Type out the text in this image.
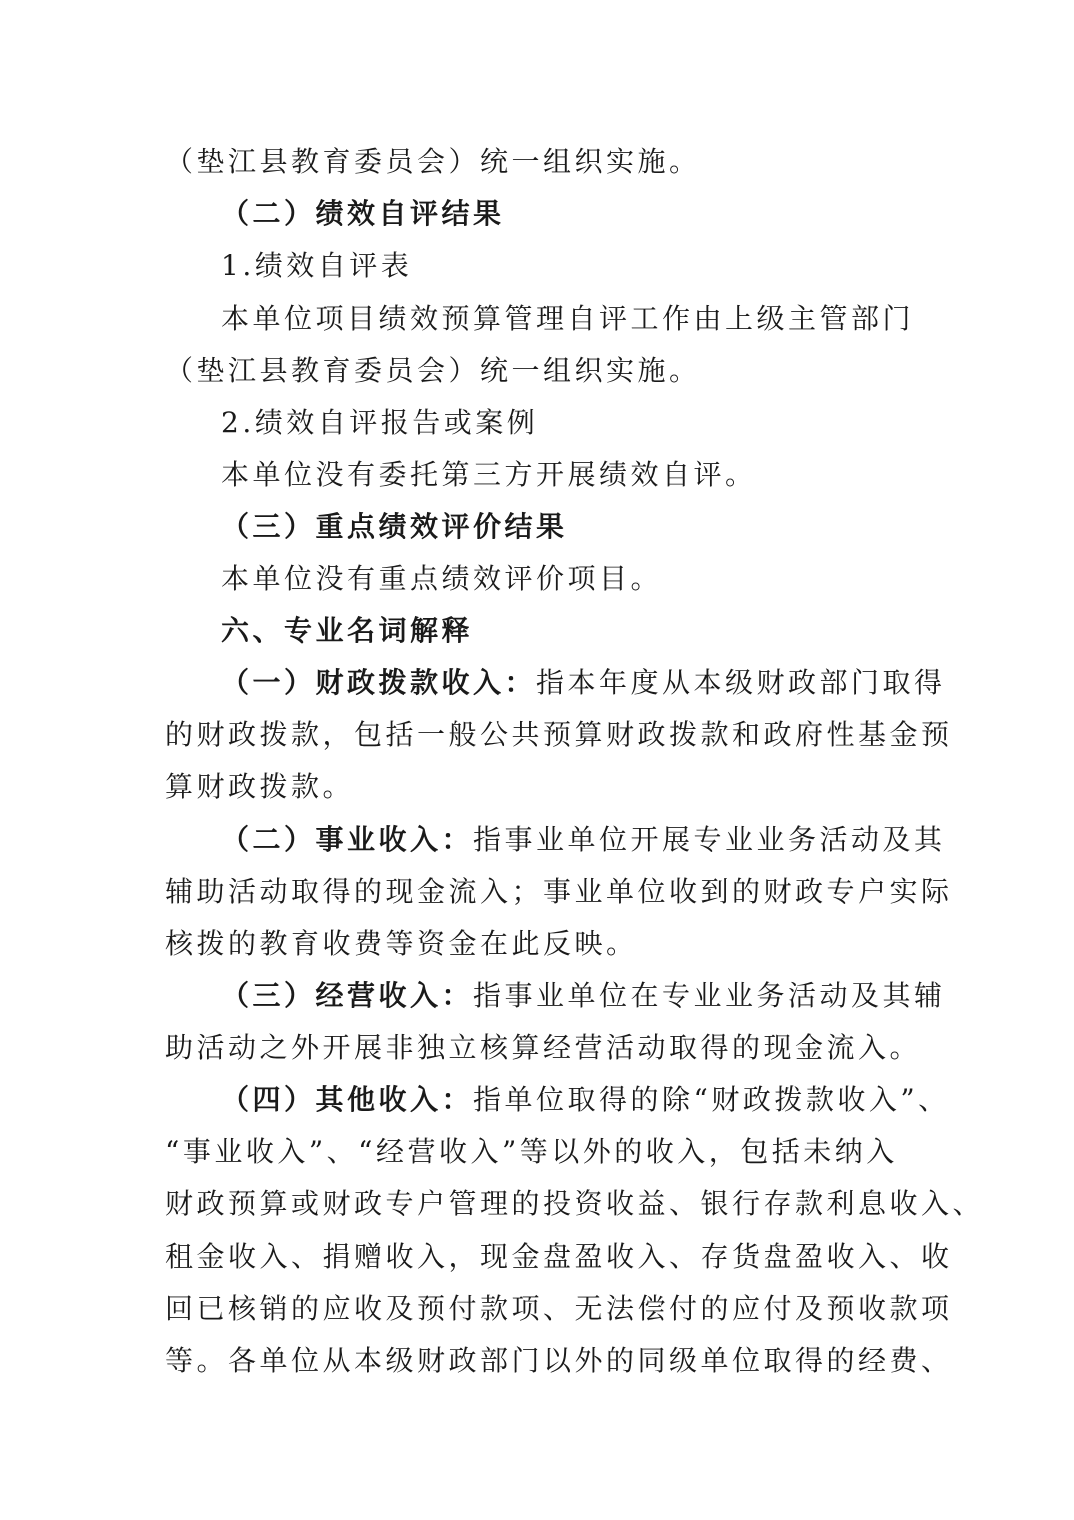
（垫江县教育委员会）统一组织实施。
（二）绩效自评结果
1.绩效自评表
本单位项目绩效预算管理自评工作由上级主管部门
（垫江县教育委员会）统一组织实施。
2.绩效自评报告或案例
本单位没有委托第三方开展绩效自评。
（三）重点绩效评价结果
本单位没有重点绩效评价项目。
六、专业名词解释
（一）财政拨款收入：指本年度从本级财政部门取得
的财政拨款，包括一般公共预算财政拨款和政府性基金预
算财政拨款。
（二）事业收入：指事业单位开展专业业务活动及其
辅助活动取得的现金流入；事业单位收到的财政专户实际
核拨的教育收费等资金在此反映。
（三）经营收入：指事业单位在专业业务活动及其辅
助活动之外开展非独立核算经营活动取得的现金流入。
（四）其他收入：指单位取得的除“财政拨款收入”、
“事业收入”、“经营收入”等以外的收入，包括未纳入
财政预算或财政专户管理的投资收益、银行存款利息收入、
租金收入、捐赠收入，现金盘盈收入、存货盘盈收入、收
回已核销的应收及预付款项、无法偿付的应付及预收款项
等。各单位从本级财政部门以外的同级单位取得的经费、
